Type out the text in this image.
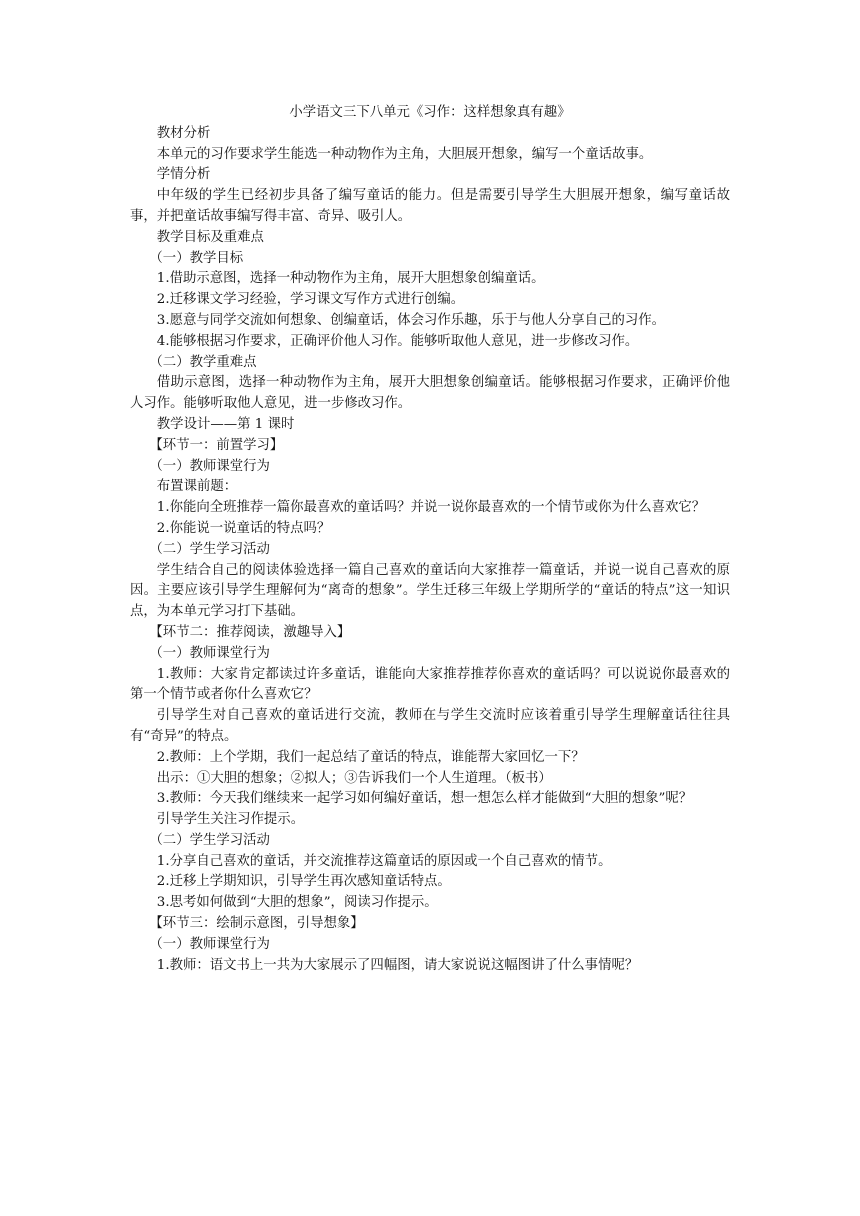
小学语文三下八单元《习作：这样想象真有趣》

教材分析

本单元的习作要求学生能选一种动物作为主角，大胆展开想象，编写一个童话故事。

学情分析

中年级的学生已经初步具备了编写童话的能力。但是需要引导学生大胆展开想象，编写童话故事，并把童话故事编写得丰富、奇异、吸引人。

教学目标及重难点

（一）教学目标

1.借助示意图，选择一种动物作为主角，展开大胆想象创编童话。

2.迁移课文学习经验，学习课文写作方式进行创编。

3.愿意与同学交流如何想象、创编童话，体会习作乐趣，乐于与他人分享自己的习作。

4.能够根据习作要求，正确评价他人习作。能够听取他人意见，进一步修改习作。

（二）教学重难点

借助示意图，选择一种动物作为主角，展开大胆想象创编童话。能够根据习作要求，正确评价他人习作。能够听取他人意见，进一步修改习作。

教学设计——第 1 课时

【环节一：前置学习】

（一）教师课堂行为

布置课前题：

1.你能向全班推荐一篇你最喜欢的童话吗？并说一说你最喜欢的一个情节或你为什么喜欢它？

2.你能说一说童话的特点吗？

（二）学生学习活动

学生结合自己的阅读体验选择一篇自己喜欢的童话向大家推荐一篇童话，并说一说自己喜欢的原因。主要应该引导学生理解何为“离奇的想象”。学生迁移三年级上学期所学的“童话的特点”这一知识点，为本单元学习打下基础。

【环节二：推荐阅读，激趣导入】

（一）教师课堂行为

1.教师：大家肯定都读过许多童话，谁能向大家推荐推荐你喜欢的童话吗？可以说说你最喜欢的第一个情节或者你什么喜欢它？

引导学生对自己喜欢的童话进行交流，教师在与学生交流时应该着重引导学生理解童话往往具有“奇异”的特点。

2.教师：上个学期，我们一起总结了童话的特点，谁能帮大家回忆一下？

出示：①大胆的想象；②拟人；③告诉我们一个人生道理。（板书）

3.教师：今天我们继续来一起学习如何编好童话，想一想怎么样才能做到“大胆的想象”呢？

引导学生关注习作提示。

（二）学生学习活动

1.分享自己喜欢的童话，并交流推荐这篇童话的原因或一个自己喜欢的情节。

2.迁移上学期知识，引导学生再次感知童话特点。

3.思考如何做到“大胆的想象”，阅读习作提示。

【环节三：绘制示意图，引导想象】

（一）教师课堂行为

1.教师：语文书上一共为大家展示了四幅图，请大家说说这幅图讲了什么事情呢？
